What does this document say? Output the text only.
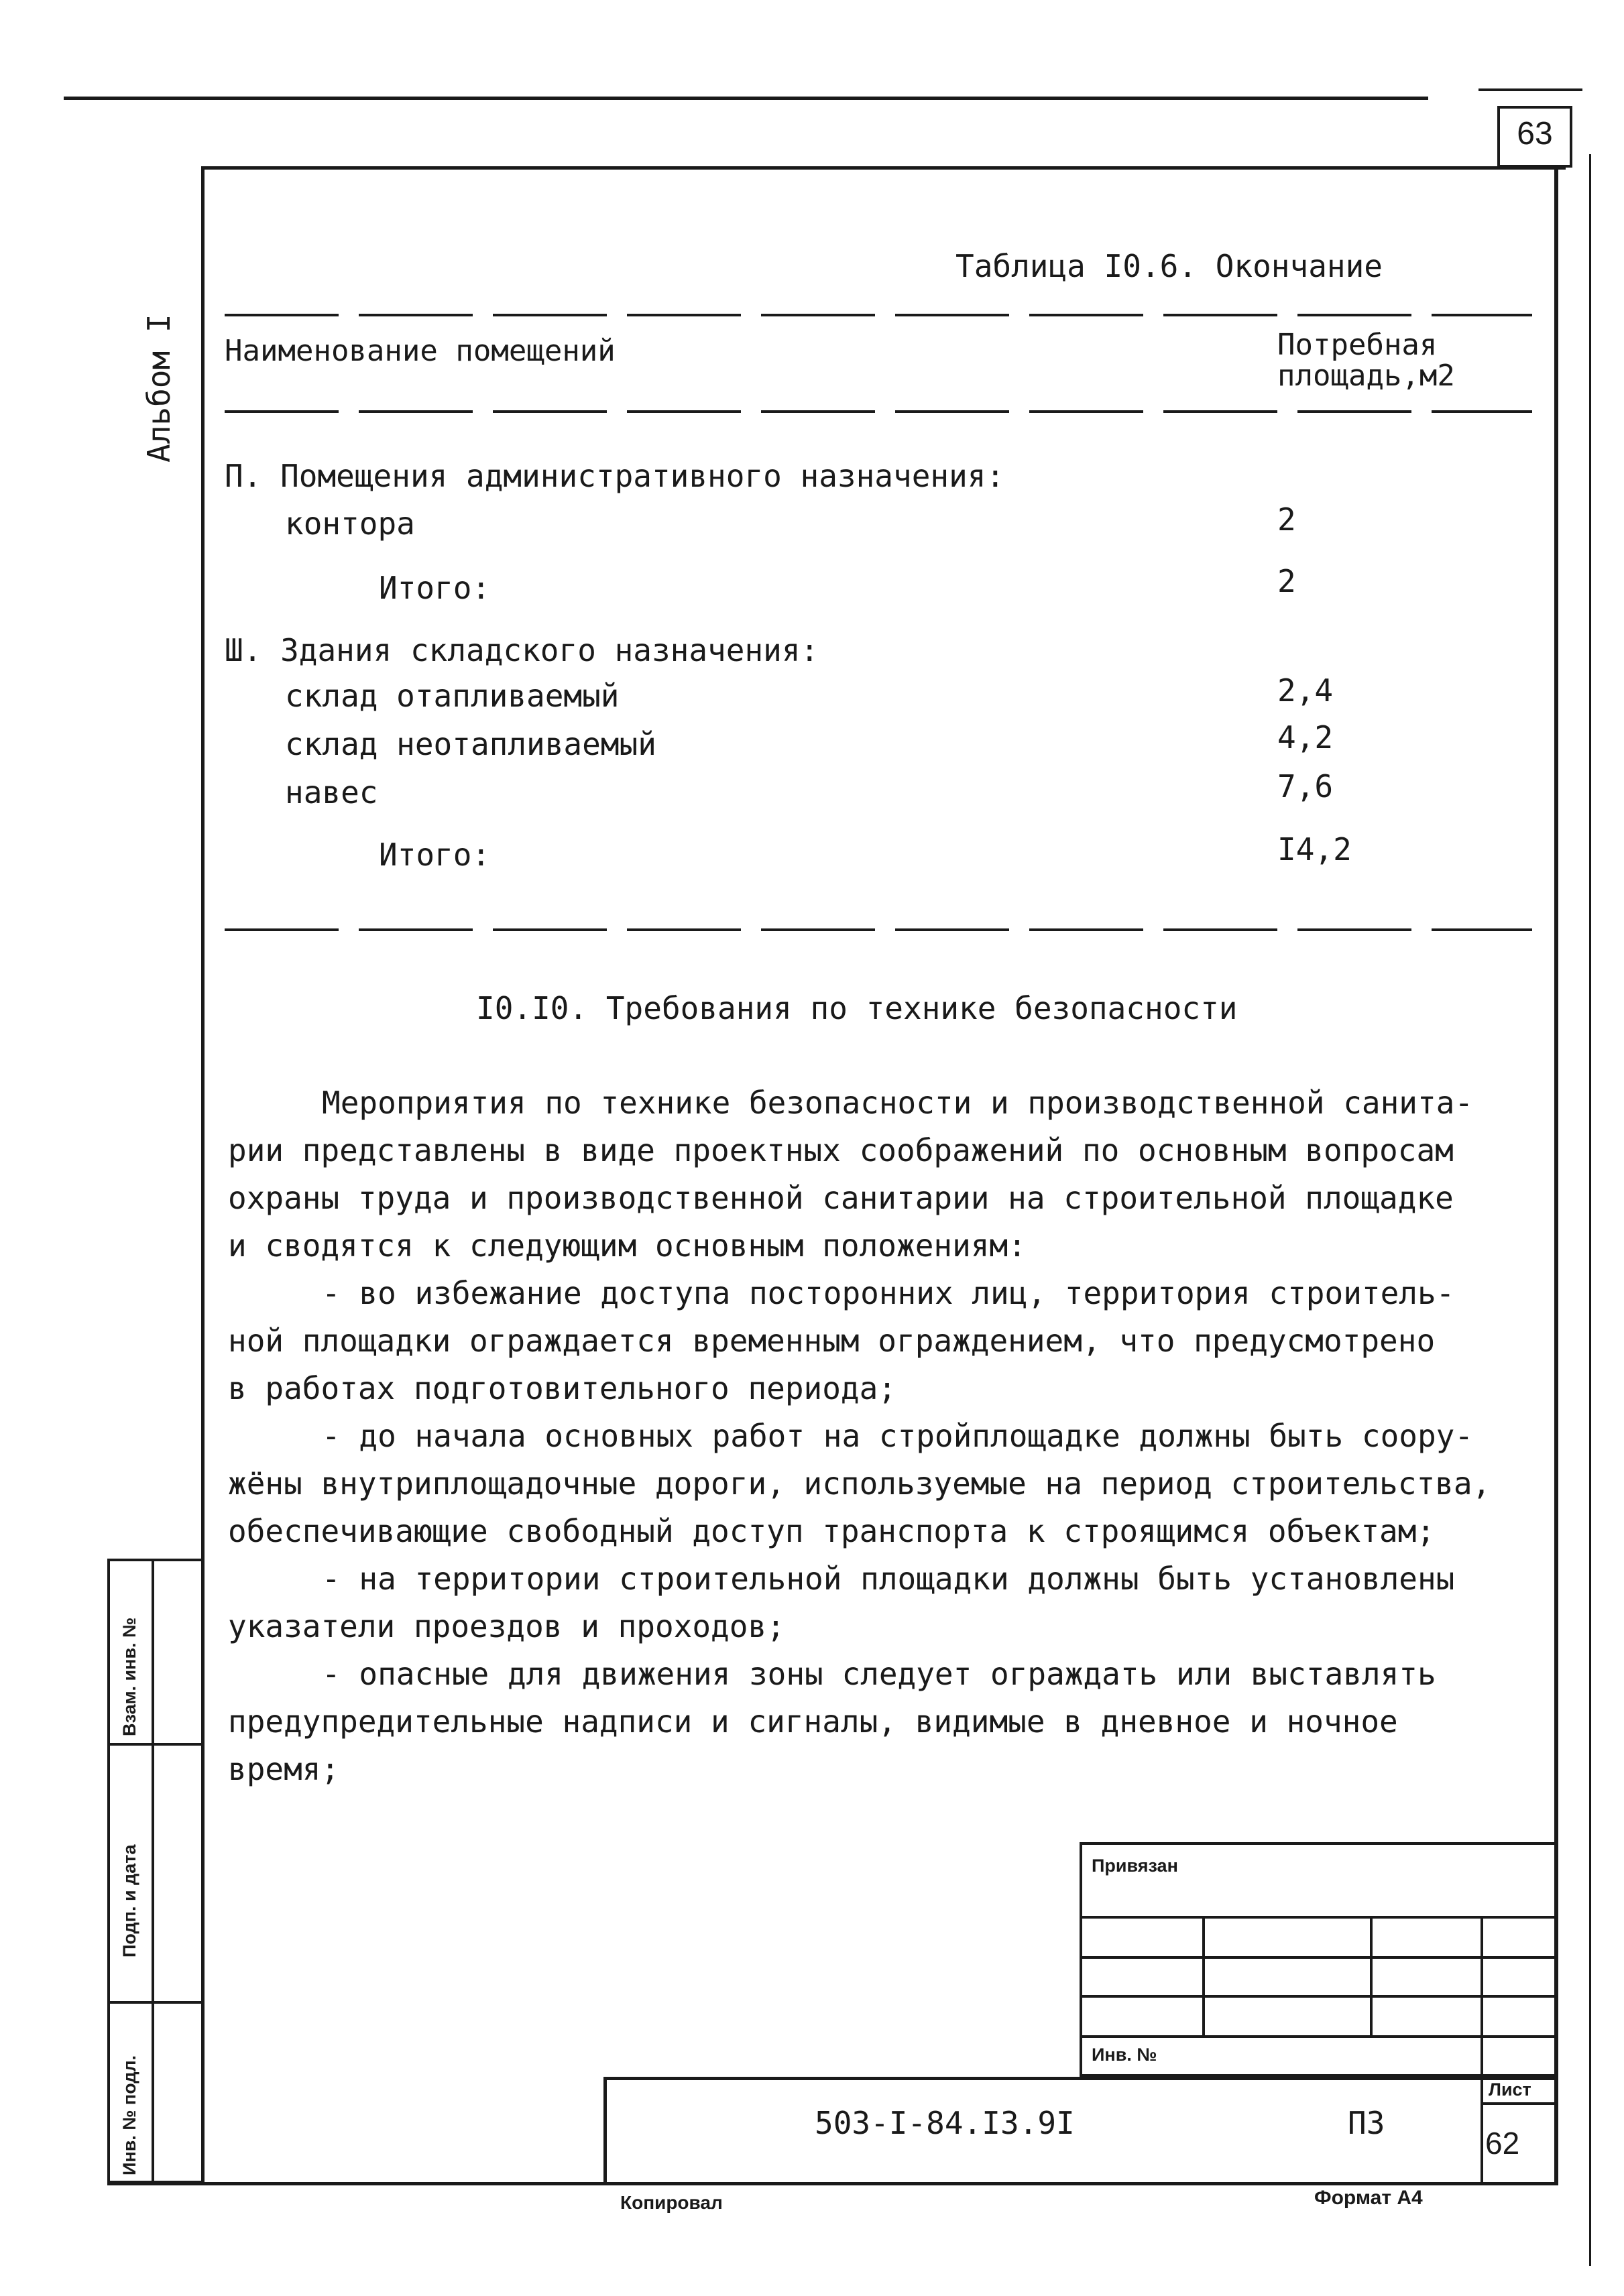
63
Альбом I
Таблица I0.6. Окончание
Наименование помещений	Потребная
площадь,м2
П. Помещения административного назначения:
контора	2
Итого:	2
Ш. Здания складского назначения:
склад отапливаемый	2,4
склад неотапливаемый	4,2
навес	7,6
Итого:	I4,2
I0.I0. Требования по технике безопасности
Мероприятия по технике безопасности и производственной санита-
рии представлены в виде проектных соображений по основным вопросам
охраны труда и производственной санитарии на строительной площадке
и сводятся к следующим основным положениям:
- во избежание доступа посторонних лиц, территория строитель-
ной площадки ограждается временным ограждением, что предусмотрено
в работах подготовительного периода;
- до начала основных работ на стройплощадке должны быть соору-
жёны внутриплощадочные дороги, используемые на период строительства,
обеспечивающие свободный доступ транспорта к строящимся объектам;
- на территории строительной площадки должны быть установлены
указатели проездов и проходов;
- опасные для движения зоны следует ограждать или выставлять
предупредительные надписи и сигналы, видимые в дневное и ночное
время;
Взам. инв. №
Подп. и дата
Инв. № подл.
Привязан
Инв. №
503-I-84.I3.9I	ПЗ
Лист
62
Копировал	Формат А4
